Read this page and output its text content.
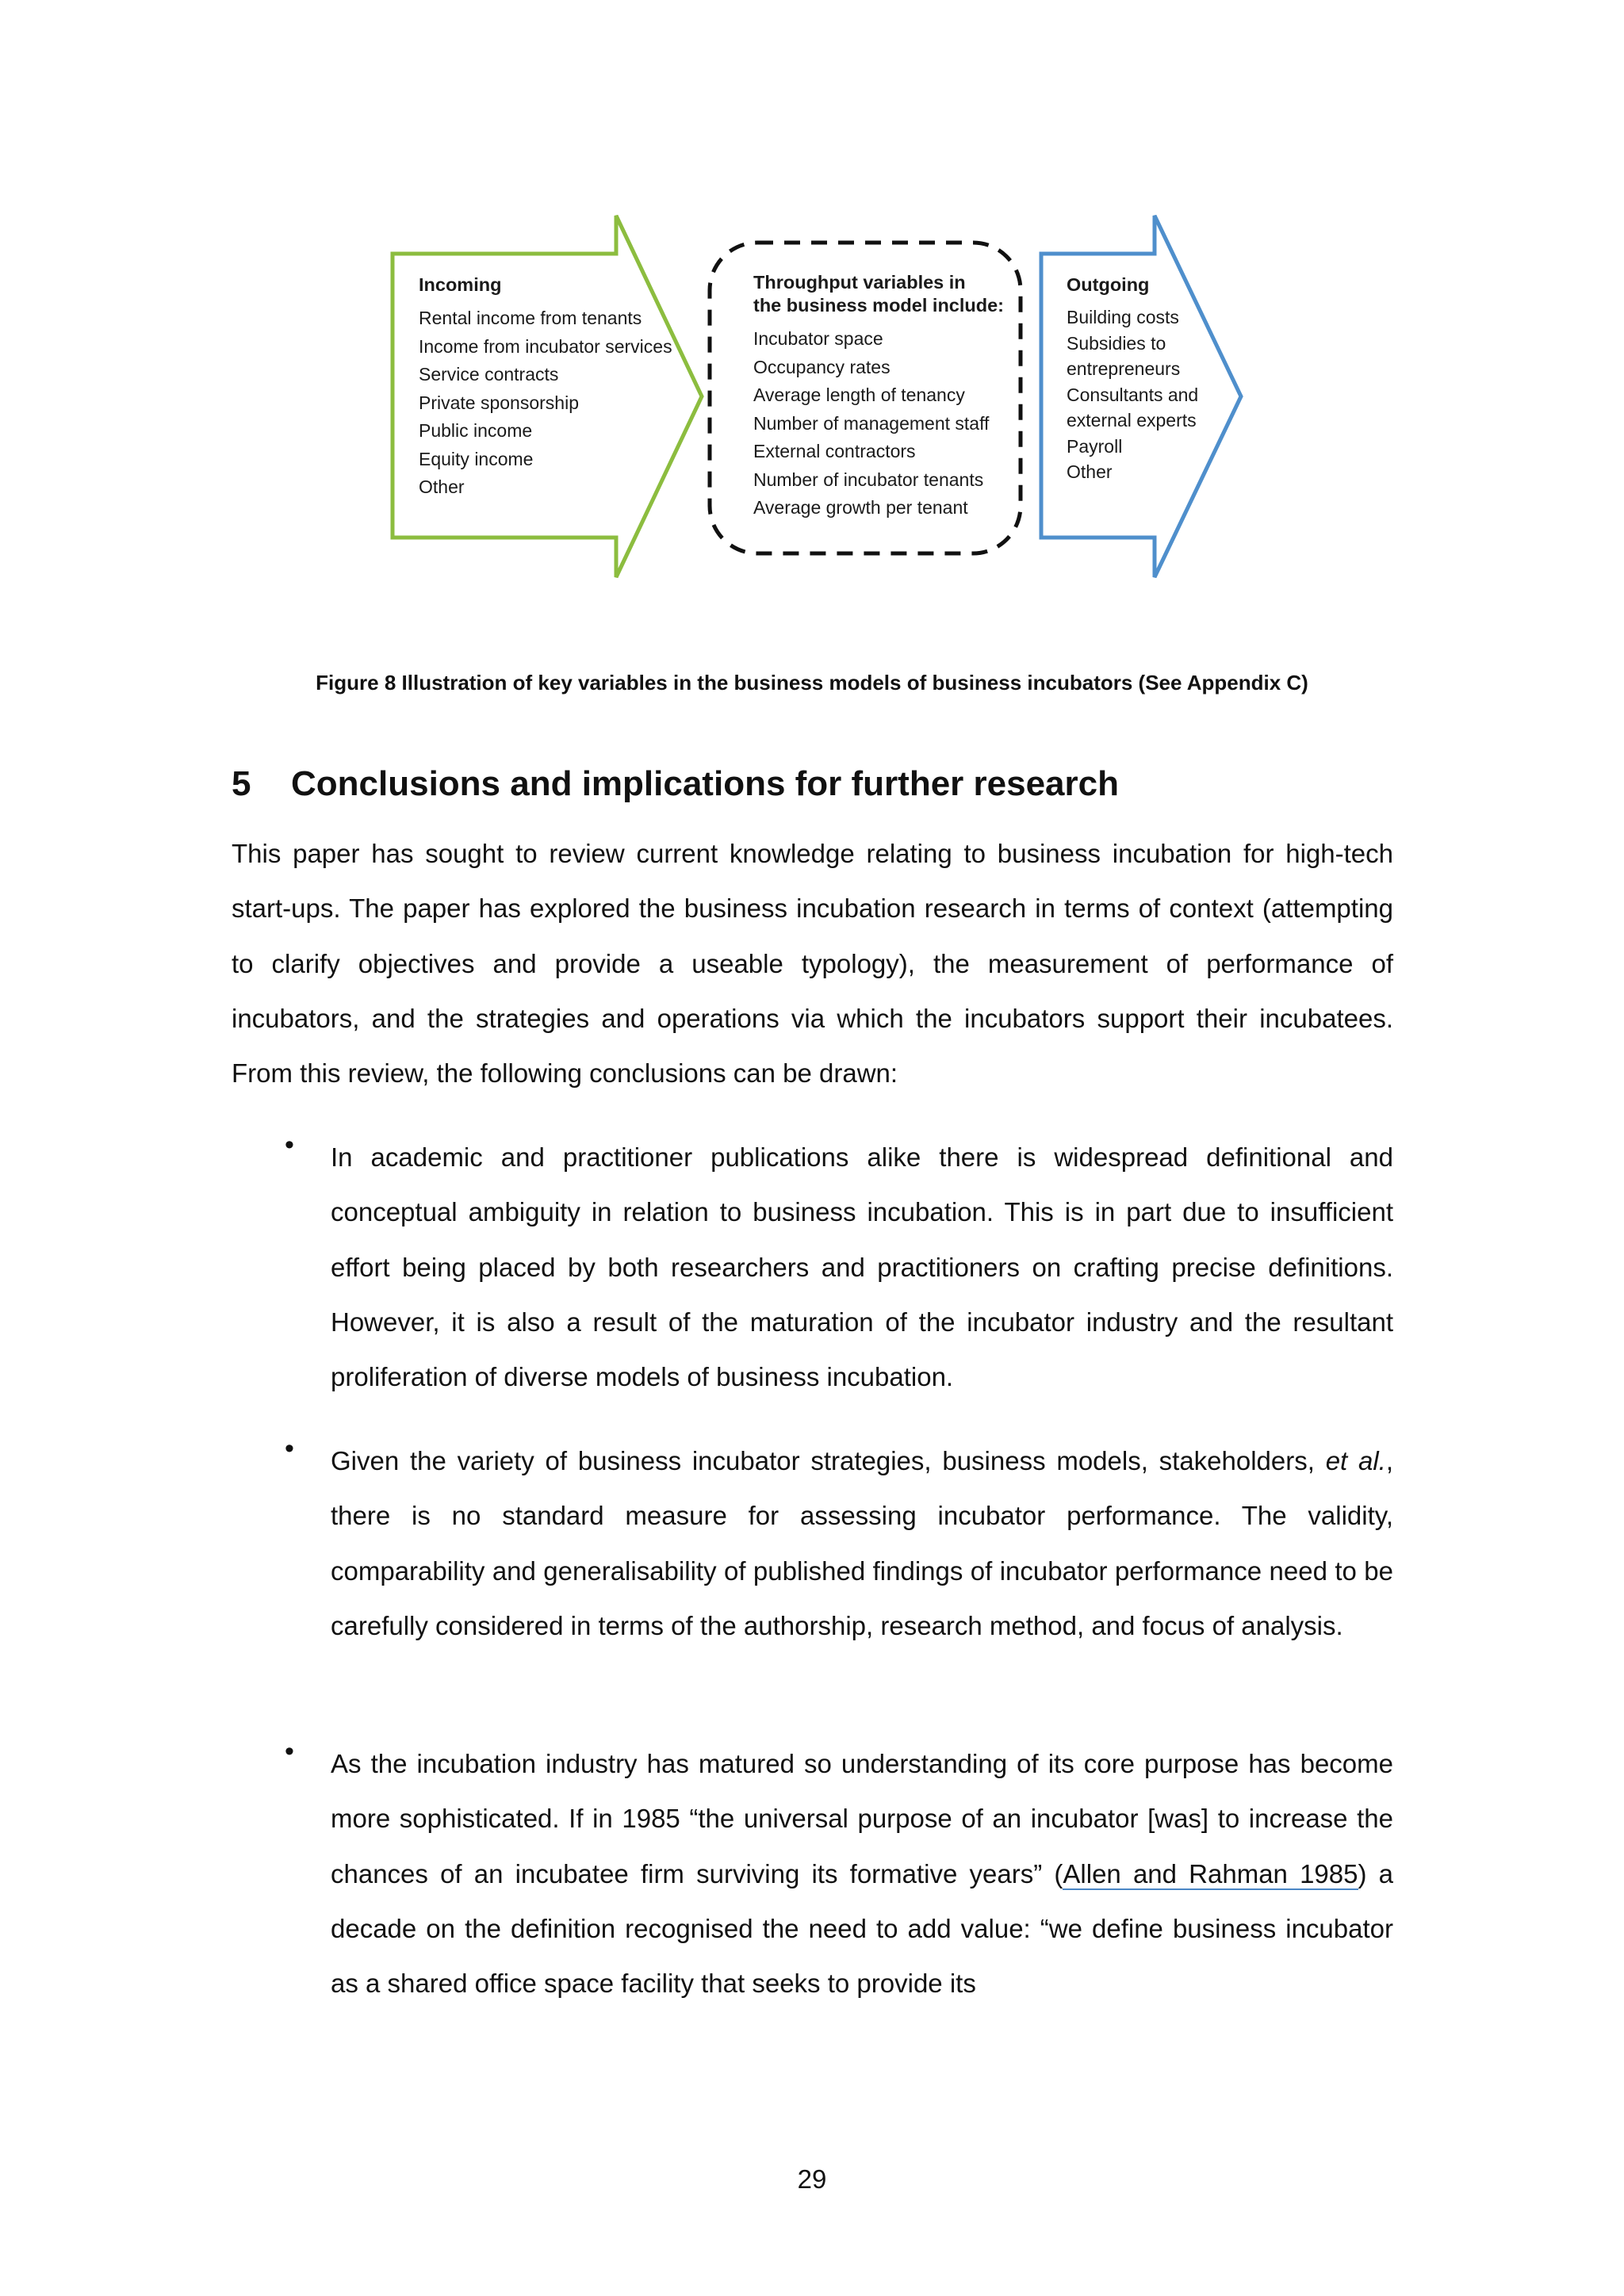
Incoming
Rental income from tenants
Income from incubator services
Service contracts
Private sponsorship
Public income
Equity income
Other
Throughput variables in
the business model include:
Incubator space
Occupancy rates
Average length of tenancy
Number of management staff
External contractors
Number of incubator tenants
Average growth per tenant
Outgoing
Building costs
Subsidies to
entrepreneurs
Consultants and
external experts
Payroll
Other
Figure 8 Illustration of key variables in the business models of business incubators (See Appendix C)
5 Conclusions and implications for further research
This paper has sought to review current knowledge relating to business incubation for high-tech start-ups. The paper has explored the business incubation research in terms of context (attempting to clarify objectives and provide a useable typology), the measurement of performance of incubators, and the strategies and operations via which the incubators support their incubatees. From this review, the following conclusions can be drawn:
• In academic and practitioner publications alike there is widespread definitional and conceptual ambiguity in relation to business incubation. This is in part due to insufficient effort being placed by both researchers and practitioners on crafting precise definitions. However, it is also a result of the maturation of the incubator industry and the resultant proliferation of diverse models of business incubation.
• Given the variety of business incubator strategies, business models, stakeholders, et al., there is no standard measure for assessing incubator performance. The validity, comparability and generalisability of published findings of incubator performance need to be carefully considered in terms of the authorship, research method, and focus of analysis.
• As the incubation industry has matured so understanding of its core purpose has become more sophisticated. If in 1985 “the universal purpose of an incubator [was] to increase the chances of an incubatee firm surviving its formative years” (Allen and Rahman 1985) a decade on the definition recognised the need to add value: “we define business incubator as a shared office space facility that seeks to provide its
29
